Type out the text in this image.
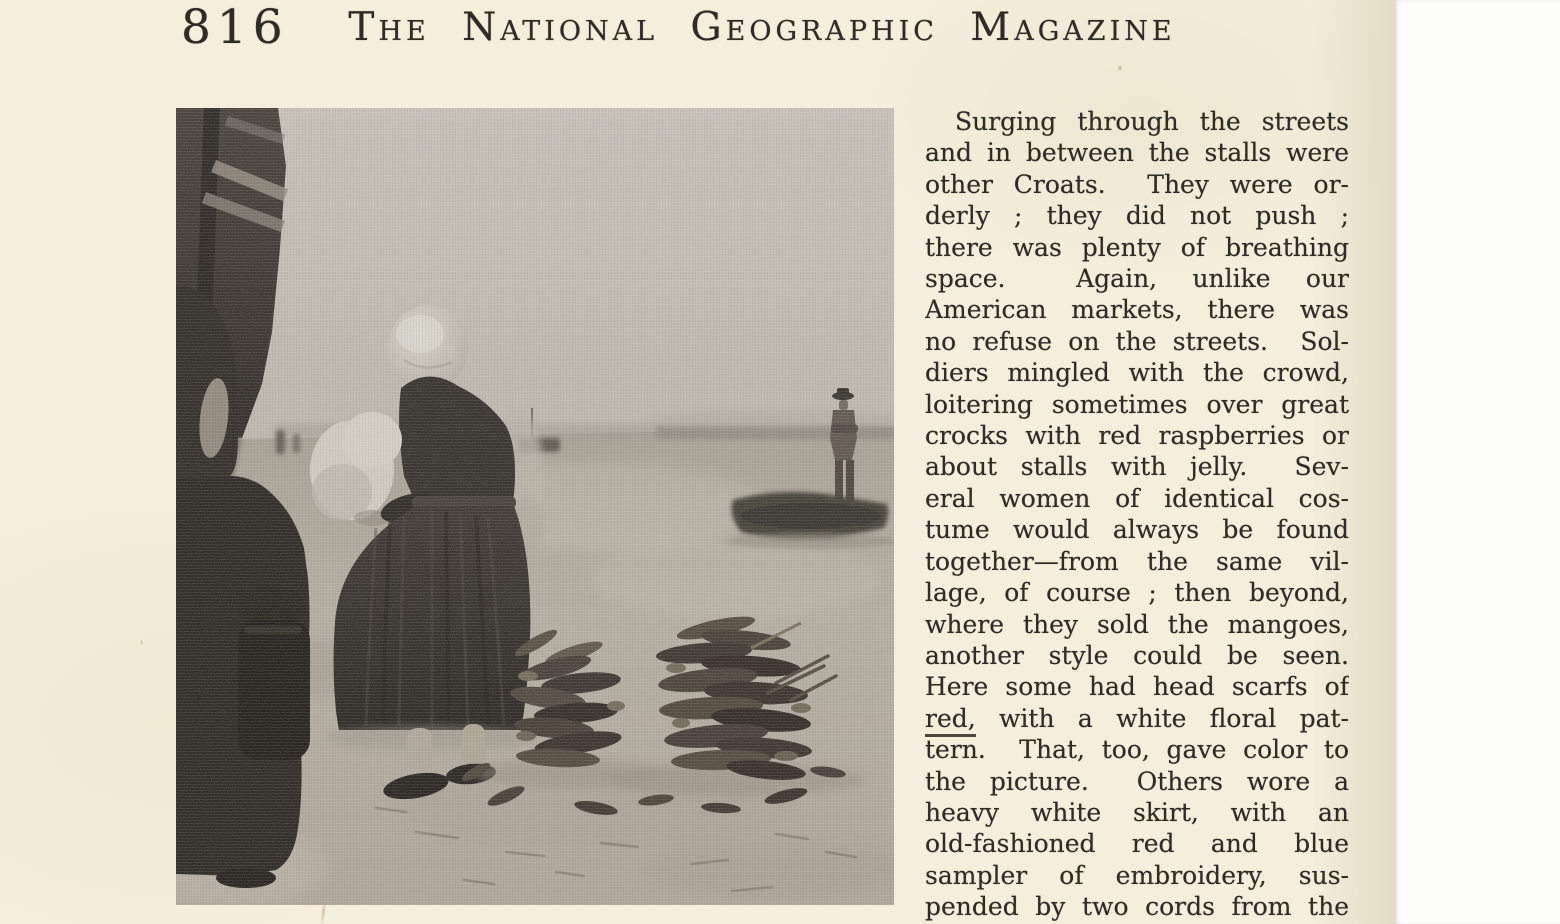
816	The National Geographic Magazine
Surging through the streets
and in between the stalls were
other Croats.  They were or-
derly ; they did not push ;
there was plenty of breathing
space.  Again, unlike our
American markets, there was
no refuse on the streets.  Sol-
diers mingled with the crowd,
loitering sometimes over great
crocks with red raspberries or
about stalls with jelly.  Sev-
eral women of identical cos-
tume would always be found
together—from the same vil-
lage, of course ; then beyond,
where they sold the mangoes,
another style could be seen.
Here some had head scarfs of
red, with a white floral pat-
tern.  That, too, gave color to
the picture.  Others wore a
heavy white skirt, with an
old-fashioned red and blue
sampler of embroidery, sus-
pended by two cords from the
